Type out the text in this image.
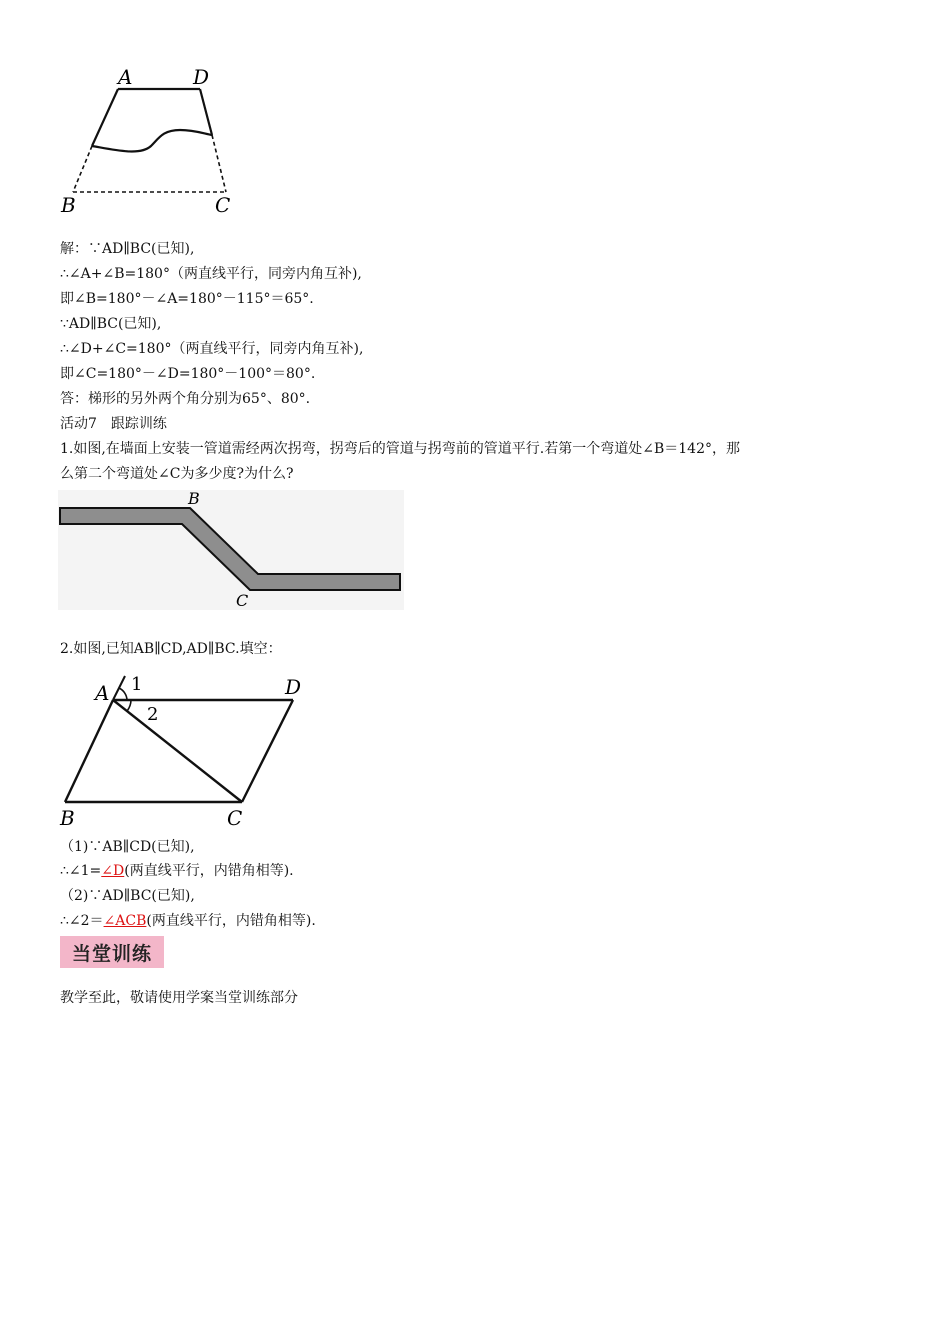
A	D
B	C
解：∵AD∥BC(已知),
∴∠A+∠B=180°（两直线平行，同旁内角互补),
即∠B=180°－∠A=180°－115°＝65°.
∵AD∥BC(已知),
∴∠D+∠C=180°（两直线平行，同旁内角互补),
即∠C=180°－∠D=180°－100°＝80°.
答：梯形的另外两个角分别为65°、80°.
活动7　跟踪训练
1.如图,在墙面上安装一管道需经两次拐弯，拐弯后的管道与拐弯前的管道平行.若第一个弯道处∠B＝142°，那
么第二个弯道处∠C为多少度?为什么?
B
C
2.如图,已知AB∥CD,AD∥BC.填空：
A	D
B	C
1
2
（1)∵AB∥CD(已知),
∴∠1=∠D(两直线平行，内错角相等).
（2)∵AD∥BC(已知),
∴∠2＝∠ACB(两直线平行，内错角相等).
当堂训练
教学至此，敬请使用学案当堂训练部分
